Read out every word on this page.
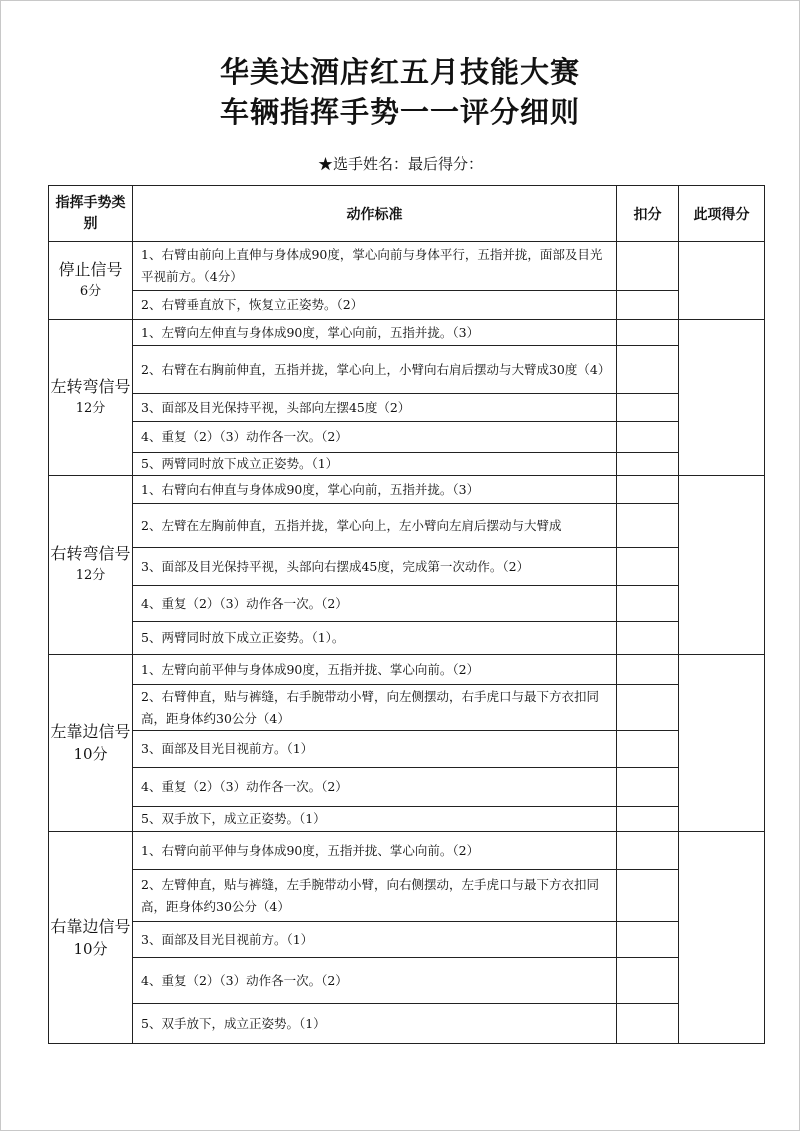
华美达酒店红五月技能大赛
车辆指挥手势一一评分细则
★选手姓名：最后得分：
指挥手势类别	动作标准	扣分	此项得分

停止信号
6分	1、右臂由前向上直伸与身体成90度，掌心向前与身体平行，五指并拢，面部及目光平视前方。（4分）		
	2、右臂垂直放下，恢复立正姿势。（2）		

左转弯信号
12分	1、左臂向左伸直与身体成90度，掌心向前，五指并拢。（3）		
	2、右臂在右胸前伸直，五指并拢，掌心向上，小臂向右肩后摆动与大臂成30度（4）		
	3、面部及目光保持平视，头部向左摆45度（2）		
	4、重复（2）（3）动作各一次。（2）		
	5、两臂同时放下成立正姿势。（1）		

右转弯信号
12分	1、右臂向右伸直与身体成90度，掌心向前，五指并拢。（3）		
	2、左臂在左胸前伸直，五指并拢，掌心向上，左小臂向左肩后摆动与大臂成		
	3、面部及目光保持平视，头部向右摆成45度，完成第一次动作。（2）		
	4、重复（2）（3）动作各一次。（2）		
	5、两臂同时放下成立正姿势。（1）。		

左靠边信号
10分	1、左臂向前平伸与身体成90度，五指并拢、掌心向前。（2）		
	2、右臂伸直，贴与裤缝，右手腕带动小臂，向左侧摆动，右手虎口与最下方衣扣同高，距身体约30公分（4）		
	3、面部及目光目视前方。（1）		
	4、重复（2）（3）动作各一次。（2）		
	5、双手放下，成立正姿势。（1）		

右靠边信号
10分	1、右臂向前平伸与身体成90度，五指并拢、掌心向前。（2）		
	2、左臂伸直，贴与裤缝，左手腕带动小臂，向右侧摆动，左手虎口与最下方衣扣同高，距身体约30公分（4）		
	3、面部及目光目视前方。（1）		
	4、重复（2）（3）动作各一次。（2）		
	5、双手放下，成立正姿势。（1）		
